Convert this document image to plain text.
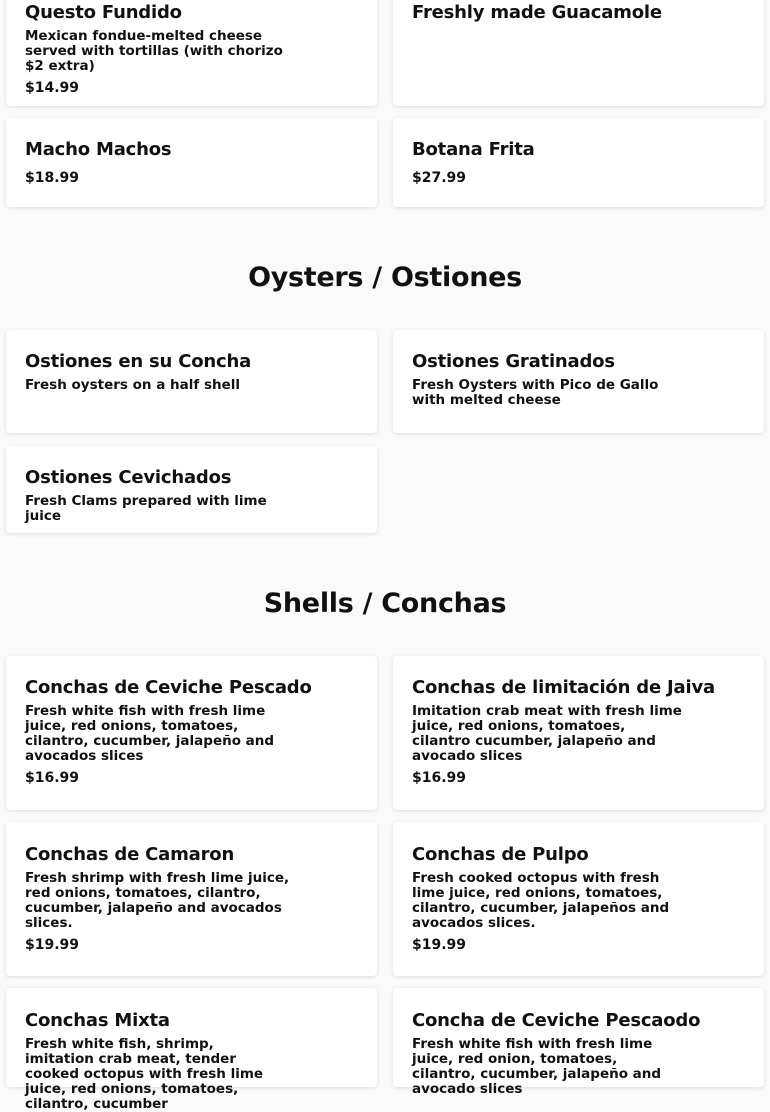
Questo Fundido
Mexican fondue-melted cheese served with tortillas (with chorizo $2 extra)
$14.99
Freshly made Guacamole
Macho Machos
$18.99
Botana Frita
$27.99
Oysters / Ostiones
Ostiones en su Concha
Fresh oysters on a half shell
Ostiones Gratinados
Fresh Oysters with Pico de Gallo with melted cheese
Ostiones Cevichados
Fresh Clams prepared with lime juice
Shells / Conchas
Conchas de Ceviche Pescado
Fresh white fish with fresh lime juice, red onions, tomatoes, cilantro, cucumber, jalapeño and avocados slices
$16.99
Conchas de limitación de Jaiva
Imitation crab meat with fresh lime juice, red onions, tomatoes, cilantro cucumber, jalapeño and avocado slices
$16.99
Conchas de Camaron
Fresh shrimp with fresh lime juice, red onions, tomatoes, cilantro, cucumber, jalapeño and avocados slices.
$19.99
Conchas de Pulpo
Fresh cooked octopus with fresh lime juice, red onions, tomatoes, cilantro, cucumber, jalapeños and avocados slices.
$19.99
Conchas Mixta
Fresh white fish, shrimp, imitation crab meat, tender cooked octopus with fresh lime juice, red onions, tomatoes, cilantro, cucumber
Concha de Ceviche Pescaodo
Fresh white fish with fresh lime juice, red onion, tomatoes, cilantro, cucumber, jalapeño and avocado slices
